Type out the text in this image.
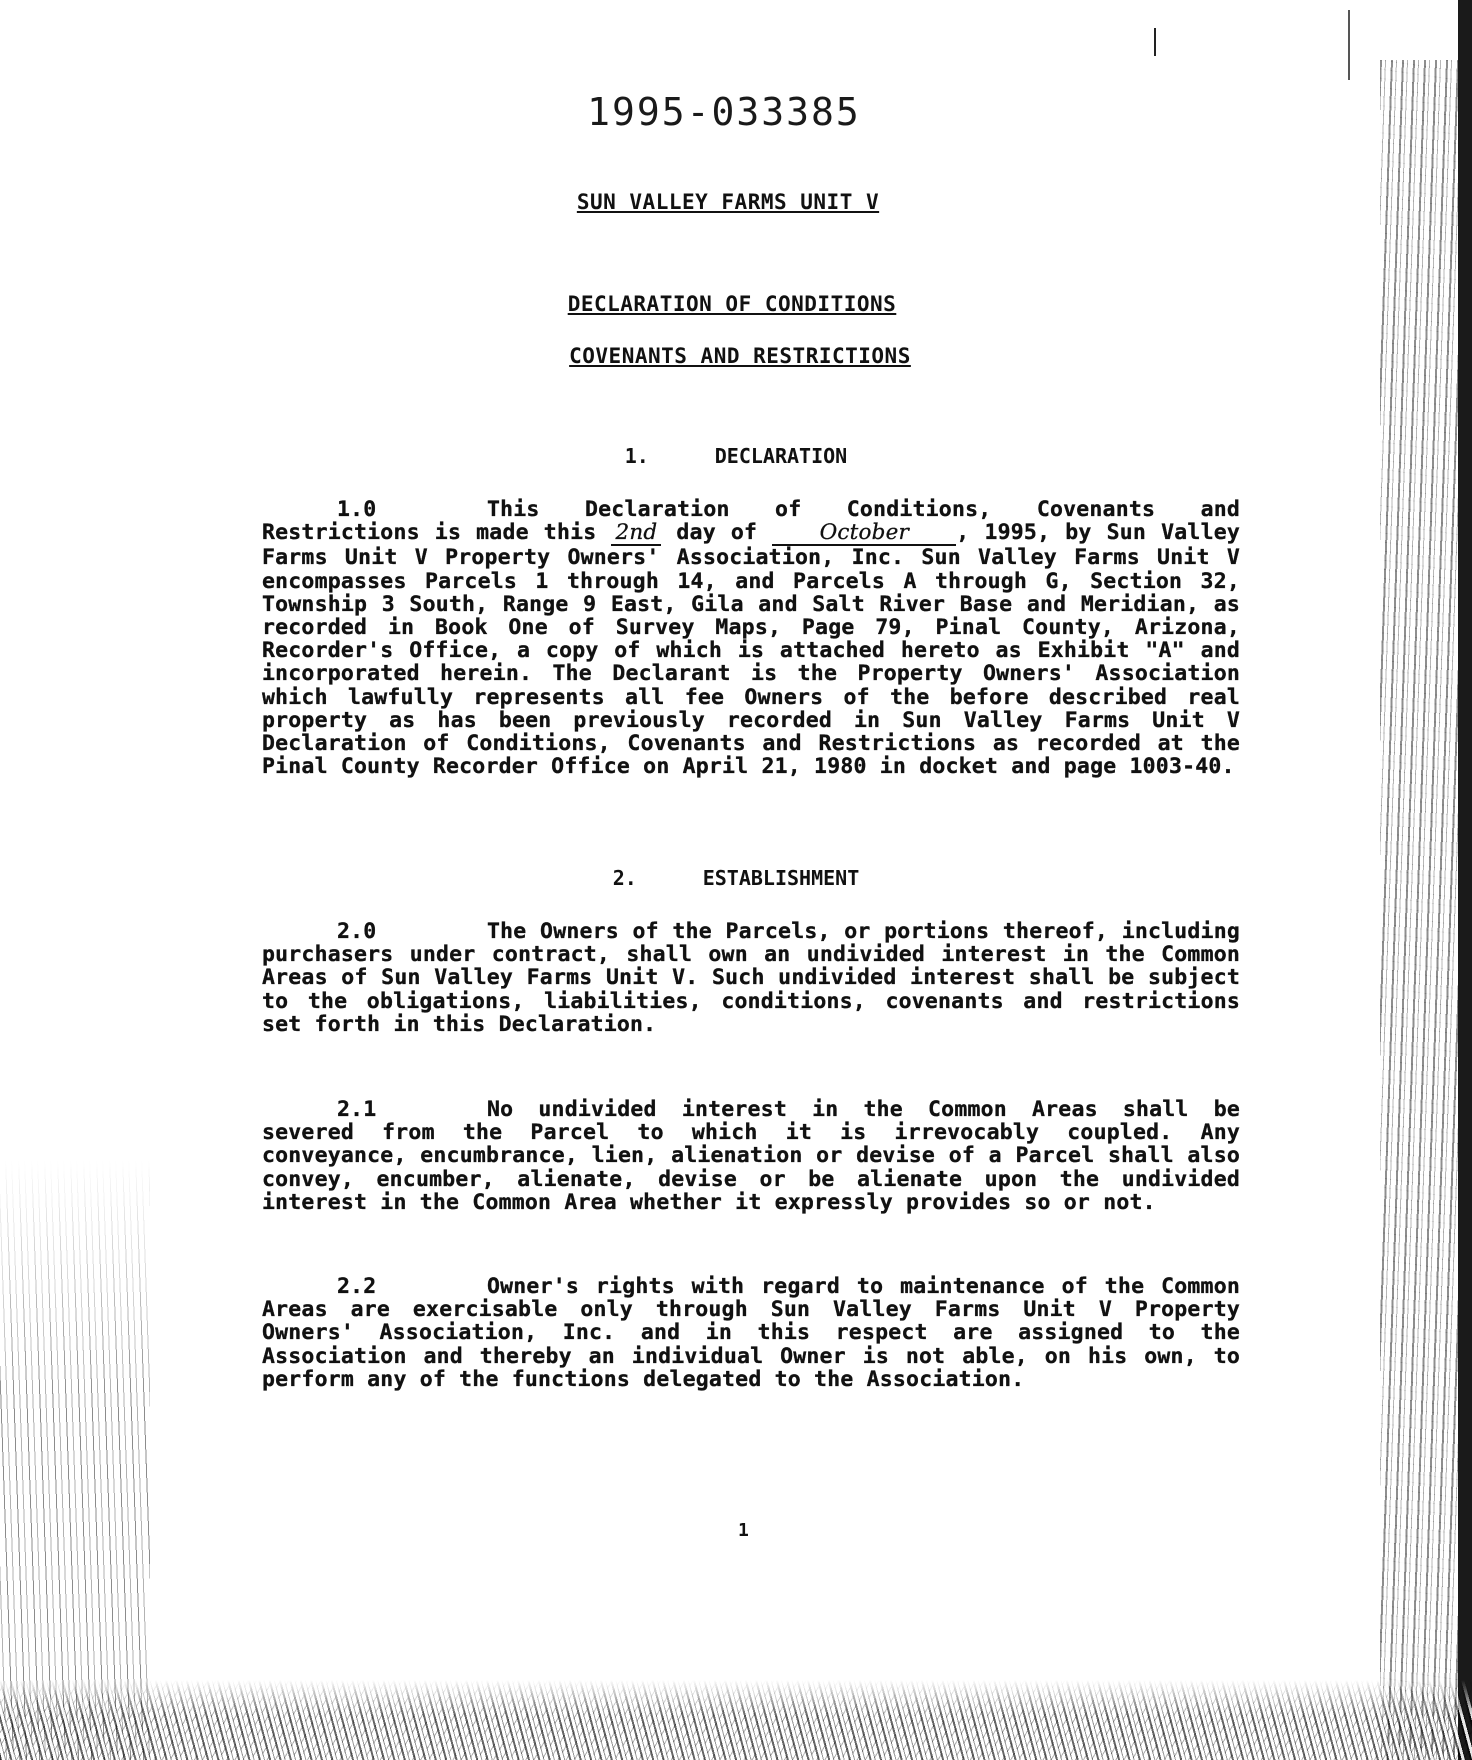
1995-033385
SUN VALLEY FARMS UNIT V
DECLARATION OF CONDITIONS
COVENANTS AND RESTRICTIONS
1.	DECLARATION
1.0	This Declaration of Conditions, Covenants and Restrictions is made this 2nd day of October , 1995, by Sun Valley Farms Unit V Property Owners' Association, Inc. Sun Valley Farms Unit V encompasses Parcels 1 through 14, and Parcels A through G, Section 32, Township 3 South, Range 9 East, Gila and Salt River Base and Meridian, as recorded in Book One of Survey Maps, Page 79, Pinal County, Arizona, Recorder's Office, a copy of which is attached hereto as Exhibit "A" and incorporated herein. The Declarant is the Property Owners' Association which lawfully represents all fee Owners of the before described real property as has been previously recorded in Sun Valley Farms Unit V Declaration of Conditions, Covenants and Restrictions as recorded at the Pinal County Recorder Office on April 21, 1980 in docket and page 1003-40.
2.	ESTABLISHMENT
2.0	The Owners of the Parcels, or portions thereof, including purchasers under contract, shall own an undivided interest in the Common Areas of Sun Valley Farms Unit V. Such undivided interest shall be subject to the obligations, liabilities, conditions, covenants and restrictions set forth in this Declaration.
2.1	No undivided interest in the Common Areas shall be severed from the Parcel to which it is irrevocably coupled. Any conveyance, encumbrance, lien, alienation or devise of a Parcel shall also convey, encumber, alienate, devise or be alienate upon the undivided interest in the Common Area whether it expressly provides so or not.
2.2	Owner's rights with regard to maintenance of the Common Areas are exercisable only through Sun Valley Farms Unit V Property Owners' Association, Inc. and in this respect are assigned to the Association and thereby an individual Owner is not able, on his own, to perform any of the functions delegated to the Association.
1
